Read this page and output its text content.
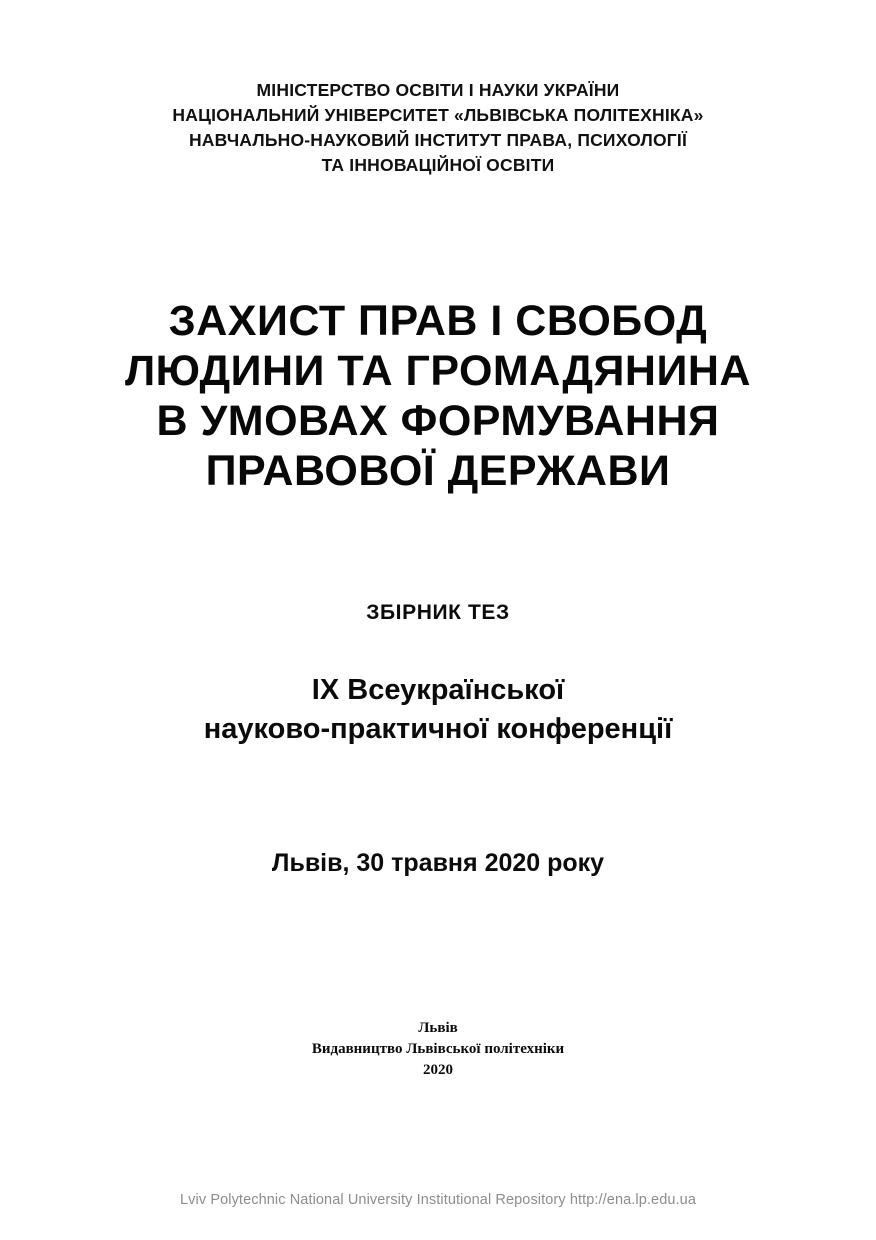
МІНІСТЕРСТВО ОСВІТИ І НАУКИ УКРАЇНИ
НАЦІОНАЛЬНИЙ УНІВЕРСИТЕТ «ЛЬВІВСЬКА ПОЛІТЕХНІКА»
НАВЧАЛЬНО-НАУКОВИЙ ІНСТИТУТ ПРАВА, ПСИХОЛОГІЇ
ТА ІННОВАЦІЙНОЇ ОСВІТИ
ЗАХИСТ ПРАВ І СВОБОД
ЛЮДИНИ ТА ГРОМАДЯНИНА
В УМОВАХ ФОРМУВАННЯ
ПРАВОВОЇ ДЕРЖАВИ
ЗБІРНИК ТЕЗ
IX Всеукраїнської
науково-практичної конференції
Львів, 30 травня 2020 року
Львів
Видавництво Львівської політехніки
2020
Lviv Polytechnic National University Institutional Repository http://ena.lp.edu.ua
